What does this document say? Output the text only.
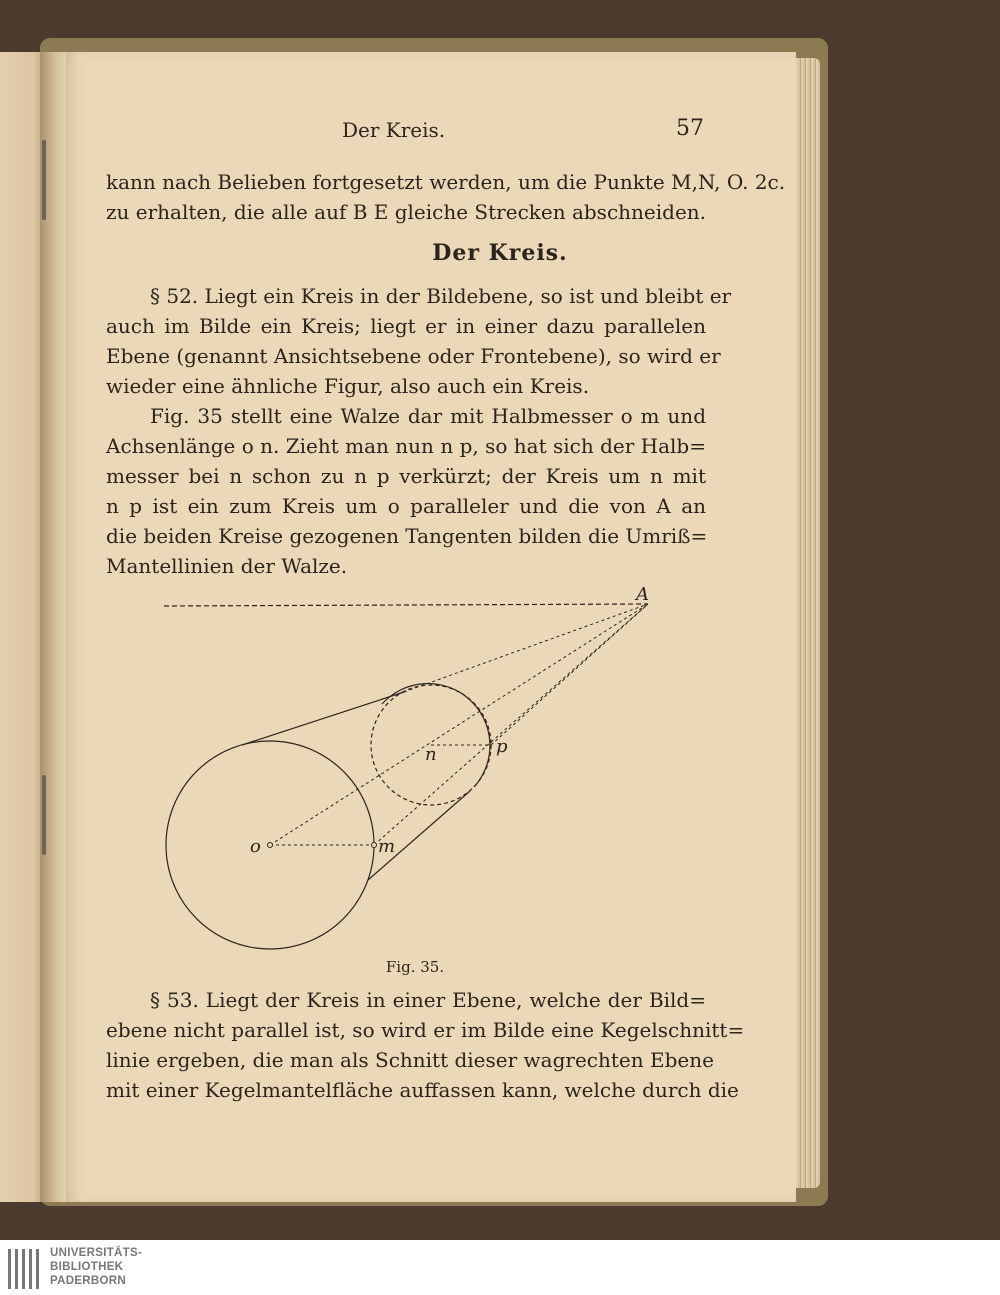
Der Kreis.	57
kann nach Belieben fortgesetzt werden, um die Punkte M,N, O. 2c.
zu erhalten, die alle auf B E gleiche Strecken abschneiden.
Der Kreis.
§ 52. Liegt ein Kreis in der Bildebene, so ist und bleibt er
auch im Bilde ein Kreis; liegt er in einer dazu parallelen
Ebene (genannt Ansichtsebene oder Frontebene), so wird er
wieder eine ähnliche Figur, also auch ein Kreis.
Fig. 35 stellt eine Walze dar mit Halbmesser o m und
Achsenlänge o n. Zieht man nun n p, so hat sich der Halb=
messer bei n schon zu n p verkürzt; der Kreis um n mit
n p ist ein zum Kreis um o paralleler und die von A an
die beiden Kreise gezogenen Tangenten bilden die Umriß=
Mantellinien der Walze.
A
n	p
o	m
Fig. 35.
§ 53. Liegt der Kreis in einer Ebene, welche der Bild=
ebene nicht parallel ist, so wird er im Bilde eine Kegelschnitt=
linie ergeben, die man als Schnitt dieser wagrechten Ebene
mit einer Kegelmantelfläche auffassen kann, welche durch die
UNIVERSITÄTS-
BIBLIOTHEK
PADERBORN
